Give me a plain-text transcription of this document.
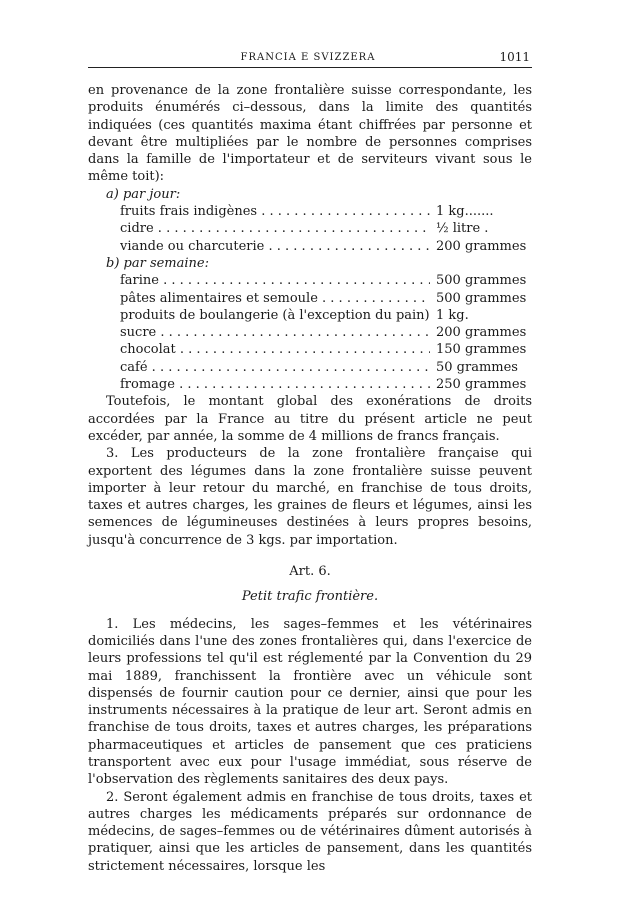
FRANCIA E SVIZZERA	1011

en provenance de la zone frontalière suisse correspondante, les produits énumérés ci–dessous, dans la limite des quantités indiquées (ces quantités maxima étant chiffrées par personne et devant être multipliées par le nombre de personnes comprises dans la famille de l'importateur et de serviteurs vivant sous le même toit):

a) par jour:
fruits frais indigènes . . .	1 kg.......
cidre . . .	½ litre .
viande ou charcuterie . . .	200 grammes
b) par semaine:
farine . . .	500 grammes
pâtes alimentaires et semoule . . .	500 grammes
produits de boulangerie (à l'exception du pain) . . . 1 kg.
sucre . . .	200 grammes
chocolat . . .	150 grammes
café . . .	50 grammes
fromage . . .	250 grammes

Toutefois, le montant global des exonérations de droits accordées par la France au titre du présent article ne peut excéder, par année, la somme de 4 millions de francs français.

3. Les producteurs de la zone frontalière française qui exportent des légumes dans la zone frontalière suisse peuvent importer à leur retour du marché, en franchise de tous droits, taxes et autres charges, les graines de fleurs et légumes, ainsi les semences de légumineuses destinées à leurs propres besoins, jusqu'à concurrence de 3 kgs. par importation.

Art. 6.
Petit trafic frontière.

1. Les médecins, les sages–femmes et les vétérinaires domiciliés dans l'une des zones frontalières qui, dans l'exercice de leurs professions tel qu'il est réglementé par la Convention du 29 mai 1889, franchissent la frontière avec un véhicule sont dispensés de fournir caution pour ce dernier, ainsi que pour les instruments nécessaires à la pratique de leur art. Seront admis en franchise de tous droits, taxes et autres charges, les préparations pharmaceutiques et articles de pansement que ces praticiens transportent avec eux pour l'usage immédiat, sous réserve de l'observation des règlements sanitaires des deux pays.

2. Seront également admis en franchise de tous droits, taxes et autres charges les médicaments préparés sur ordonnance de médecins, de sages–femmes ou de vétérinaires dûment autorisés à pratiquer, ainsi que les articles de pansement, dans les quantités strictement nécessaires, lorsque les
